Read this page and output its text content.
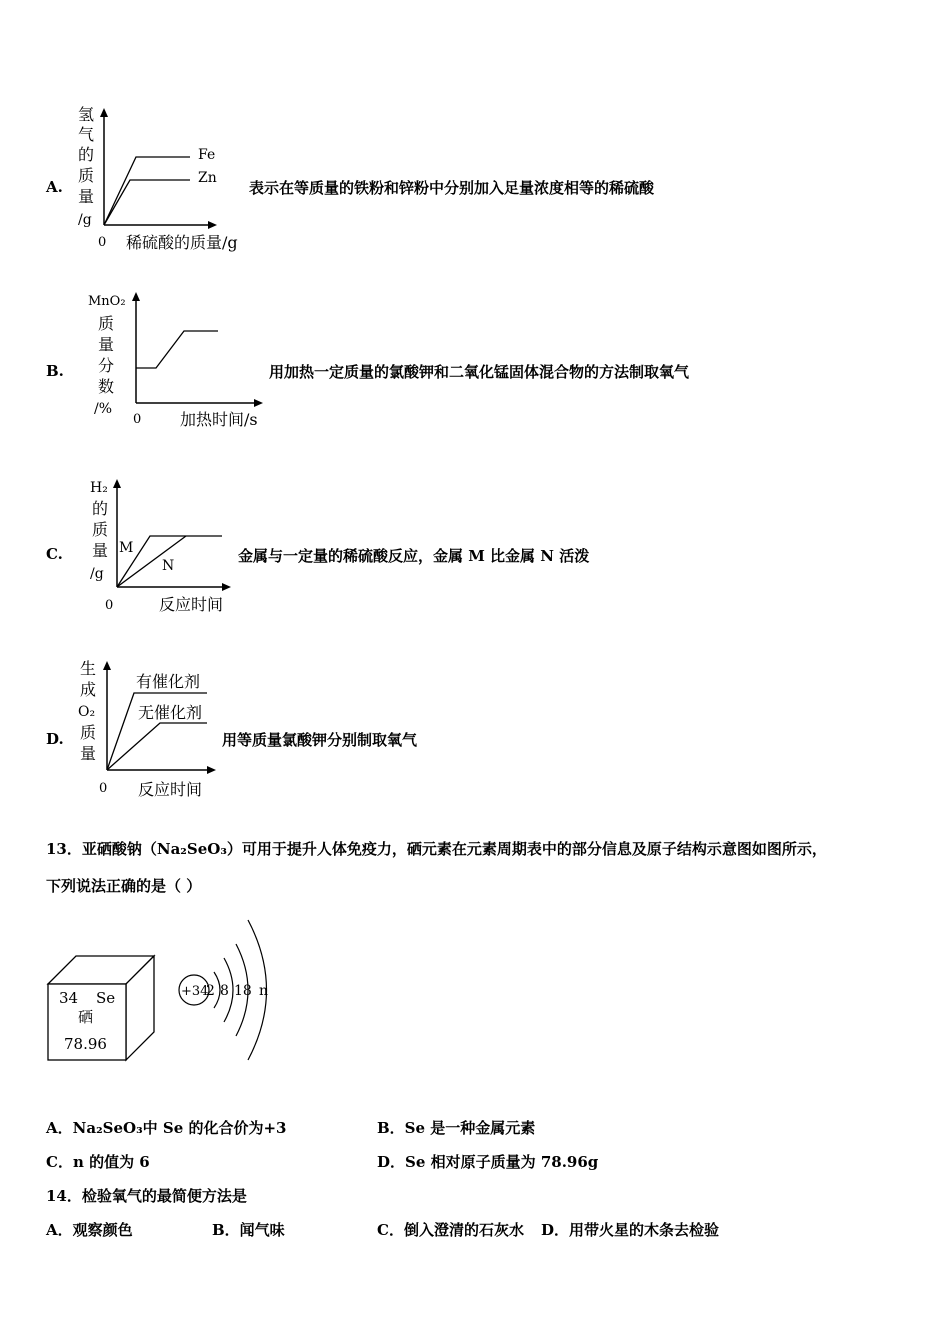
A.
氢
气
的
质
量
/g
Fe
Zn
0 稀硫酸的质量/g
表示在等质量的铁粉和锌粉中分别加入足量浓度相等的稀硫酸
B.
MnO₂
质
量
分
数
/%
0 加热时间/s
用加热一定质量的氯酸钾和二氧化锰固体混合物的方法制取氧气
C.
H₂
的
质
量
/g
M
N
0	反应时间
金属与一定量的稀硫酸反应，金属 M 比金属 N 活泼
D.
生
成
O₂
质
量
有催化剂
无催化剂
0 反应时间
用等质量氯酸钾分别制取氧气
13．亚硒酸钠（Na₂SeO₃）可用于提升人体免疫力，硒元素在元素周期表中的部分信息及原子结构示意图如图所示，
下列说法正确的是（ ）
34 Se
硒
78.96
+34
2 8 18 n
A．Na₂SeO₃中 Se 的化合价为+3	B．Se 是一种金属元素
C．n 的值为 6	D．Se 相对原子质量为 78.96g
14．检验氧气的最简便方法是
A．观察颜色	B．闻气味	C．倒入澄清的石灰水 D．用带火星的木条去检验
